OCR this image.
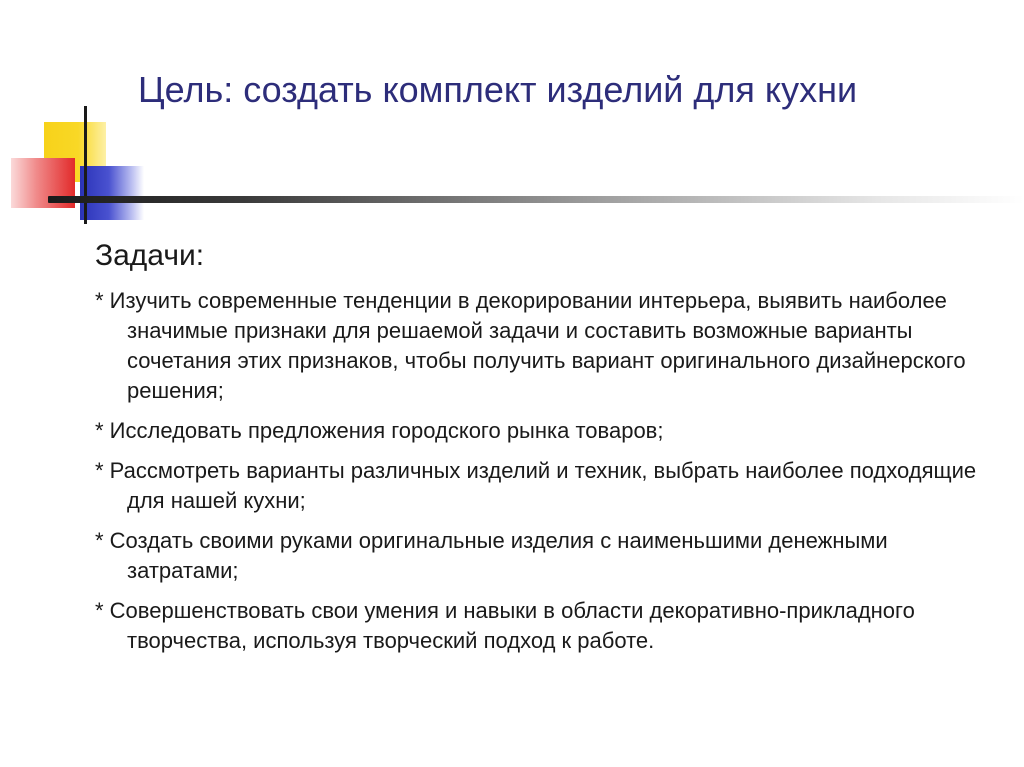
Цель: создать комплект изделий для кухни
Задачи:
* Изучить современные тенденции в декорировании интерьера, выявить наиболее значимые признаки для решаемой задачи и составить возможные варианты сочетания этих признаков, чтобы получить вариант оригинального дизайнерского решения;
* Исследовать предложения городского рынка товаров;
* Рассмотреть варианты различных изделий и техник, выбрать наиболее подходящие для нашей кухни;
* Создать своими руками оригинальные изделия с наименьшими денежными затратами;
* Совершенствовать свои умения и навыки в области декоративно-прикладного творчества, используя творческий подход к работе.
